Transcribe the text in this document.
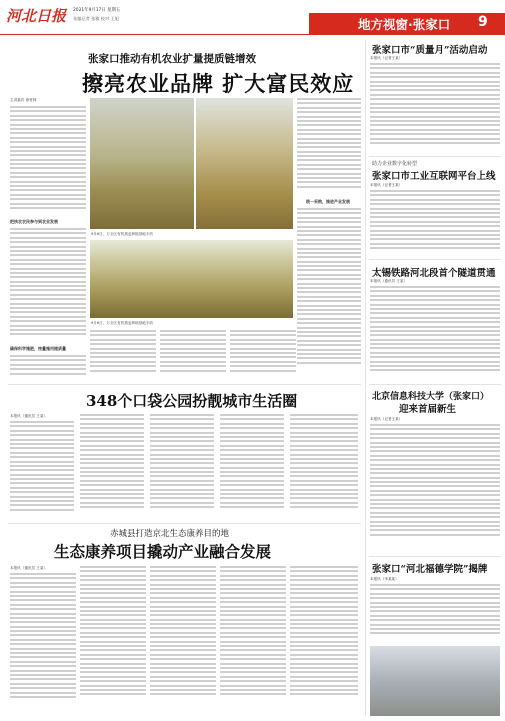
河北日报 2021年9月17日 星期五
张编记者 张雅 校对 王旭	地方视窗·张家口 9
张家口推动有机农业扩量提质链增效
擦亮农业品牌 扩大富民效应
主讲嘉宾 徐晋林
把扶农农民参与到农业发展
确保科学施肥，按量施用提质量
9月6日，万全区有机燕麦种植基地丰收
9月6日，万全区有机燕麦种植基地丰收
统一采购，推进产业发展
张家口市“质量月”活动启动
本报讯（记者王某）
助力企业数字化转型
张家口市工业互联网平台上线
本报讯（记者王某）
太锡铁路河北段首个隧道贯通
本报讯（通讯员 王某）
北京信息科技大学（张家口）
迎来首届新生
本报讯（记者王某）
张家口“河北福德学院”揭牌
本报讯（李某某）
348个口袋公园扮靓城市生活圈
本报讯（通讯员 王某）
赤城县打造京北生态康养目的地
生态康养项目撬动产业融合发展
本报讯（通讯员 王某）
